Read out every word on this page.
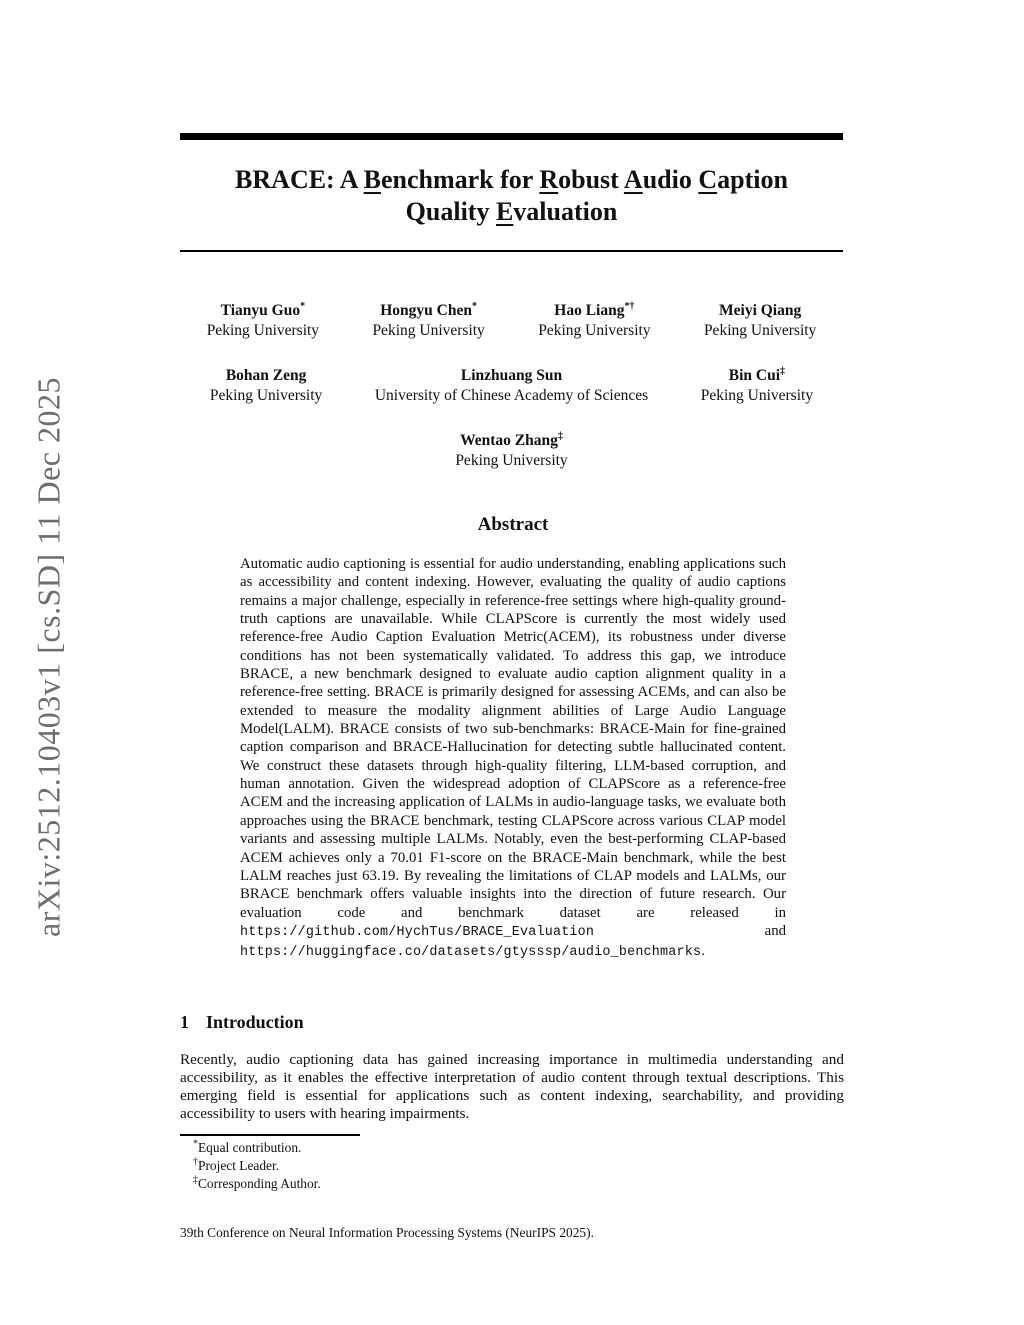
arXiv:2512.10403v1 [cs.SD] 11 Dec 2025
BRACE: A Benchmark for Robust Audio Caption
Quality Evaluation
Tianyu Guo*
Peking University
Hongyu Chen*
Peking University
Hao Liang*†
Peking University
Meiyi Qiang
Peking University
Bohan Zeng
Peking University
Linzhuang Sun
University of Chinese Academy of Sciences
Bin Cui‡
Peking University
Wentao Zhang‡
Peking University
Abstract

Automatic audio captioning is essential for audio understanding, enabling applications such as accessibility and content indexing. However, evaluating the quality of audio captions remains a major challenge, especially in reference-free settings where high-quality ground-truth captions are unavailable. While CLAPScore is currently the most widely used reference-free Audio Caption Evaluation Metric(ACEM), its robustness under diverse conditions has not been systematically validated. To address this gap, we introduce BRACE, a new benchmark designed to evaluate audio caption alignment quality in a reference-free setting. BRACE is primarily designed for assessing ACEMs, and can also be extended to measure the modality alignment abilities of Large Audio Language Model(LALM). BRACE consists of two sub-benchmarks: BRACE-Main for fine-grained caption comparison and BRACE-Hallucination for detecting subtle hallucinated content. We construct these datasets through high-quality filtering, LLM-based corruption, and human annotation. Given the widespread adoption of CLAPScore as a reference-free ACEM and the increasing application of LALMs in audio-language tasks, we evaluate both approaches using the BRACE benchmark, testing CLAPScore across various CLAP model variants and assessing multiple LALMs. Notably, even the best-performing CLAP-based ACEM achieves only a 70.01 F1-score on the BRACE-Main benchmark, while the best LALM reaches just 63.19. By revealing the limitations of CLAP models and LALMs, our BRACE benchmark offers valuable insights into the direction of future research. Our evaluation code and benchmark dataset are released in https://github.com/HychTus/BRACE_Evaluation	and https://huggingface.co/datasets/gtysssp/audio_benchmarks.

1 Introduction

Recently, audio captioning data has gained increasing importance in multimedia understanding and accessibility, as it enables the effective interpretation of audio content through textual descriptions. This emerging field is essential for applications such as content indexing, searchability, and providing accessibility to users with hearing impairments.

*Equal contribution.
†Project Leader.
‡Corresponding Author.
39th Conference on Neural Information Processing Systems (NeurIPS 2025).
